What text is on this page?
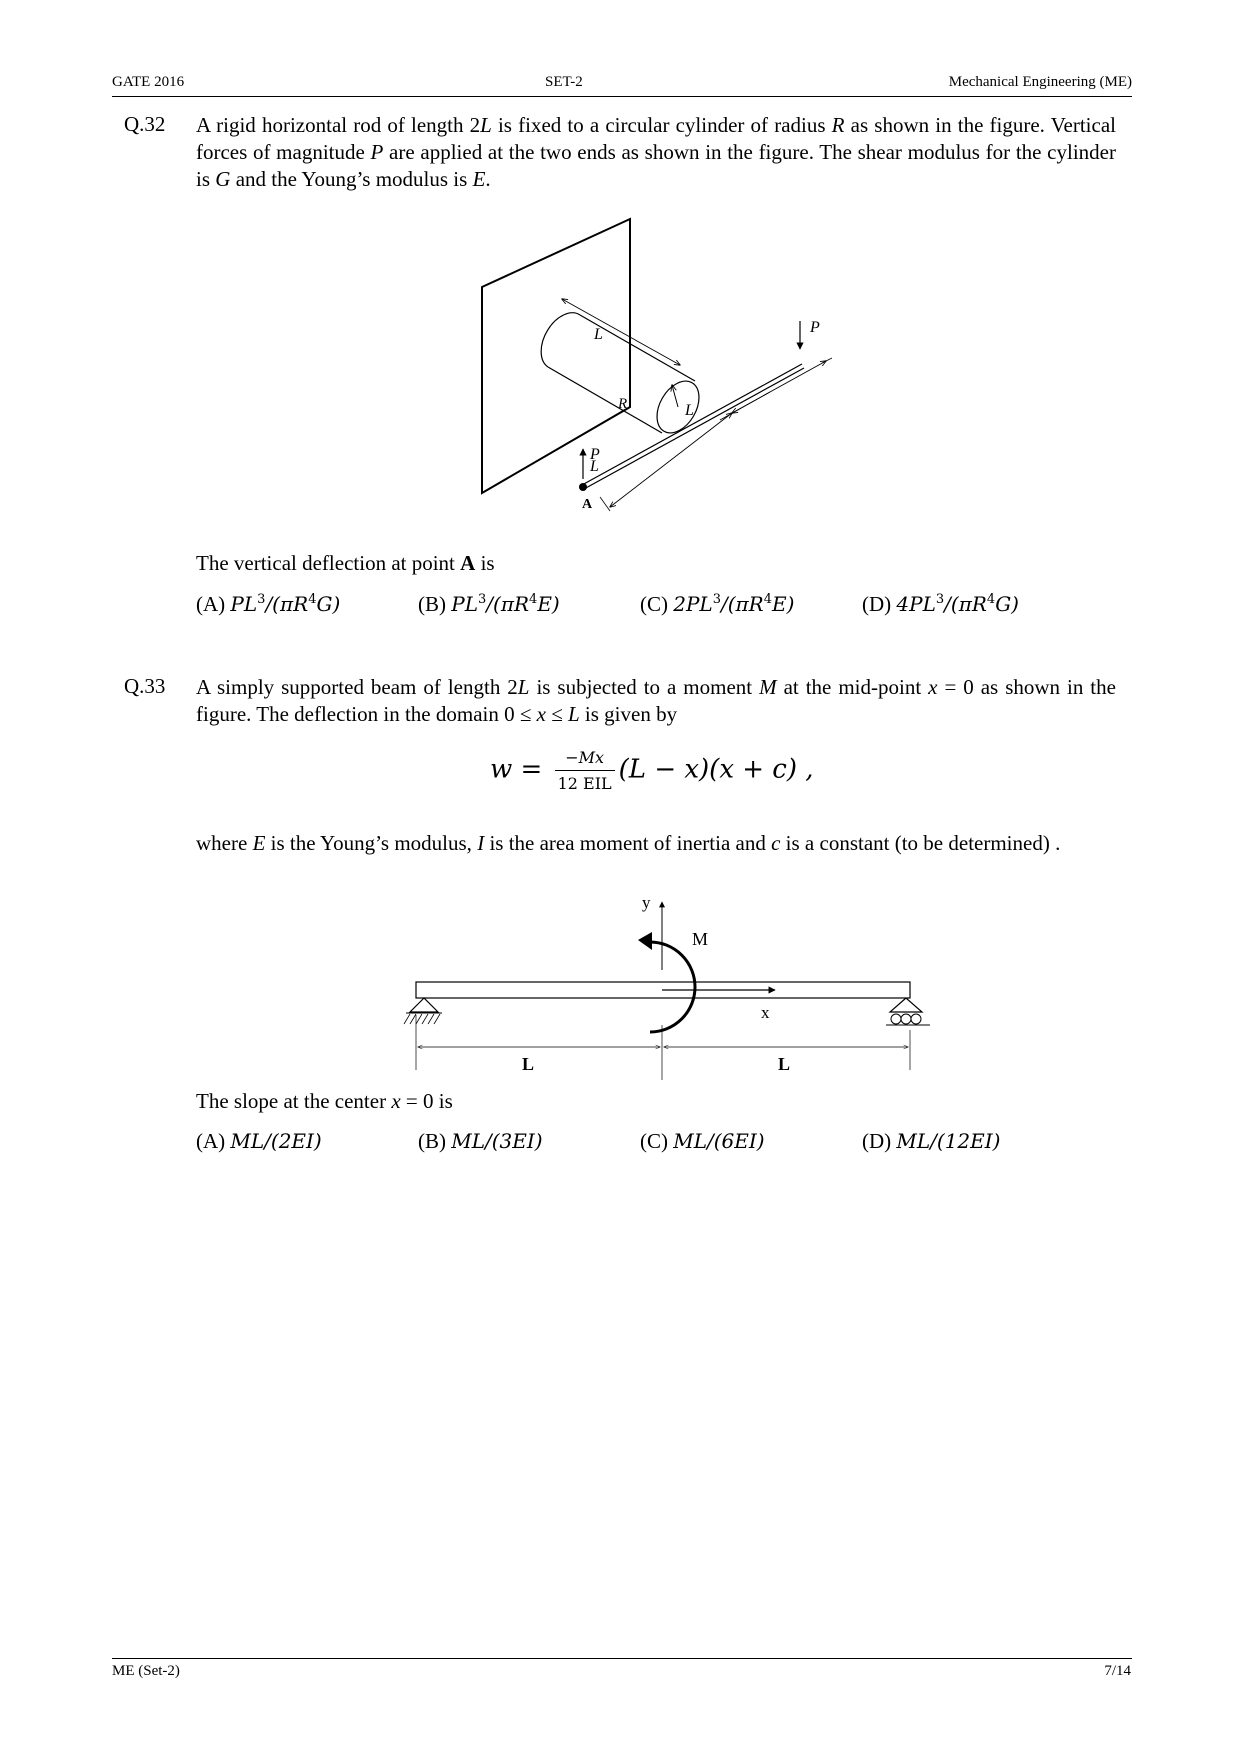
GATE 2016	SET-2	Mechanical Engineering (ME)
Q.32 A rigid horizontal rod of length 2L is fixed to a circular cylinder of radius R as shown in the figure. Vertical forces of magnitude P are applied at the two ends as shown in the figure. The shear modulus for the cylinder is G and the Young’s modulus is E.
L
R	L
L
P
P
A
The vertical deflection at point A is
(A) $PL^3/(\pi R^4G)$	(B) $PL^3/(\pi R^4E)$	(C) $2PL^3/(\pi R^4E)$	(D) $4PL^3/(\pi R^4G)$
Q.33 A simply supported beam of length 2L is subjected to a moment M at the mid-point x = 0 as shown in the figure. The deflection in the domain 0 ≤ x ≤ L is given by
$w = \frac{-Mx}{\text{12 EIL}} (L - x)(x + c)$ ,
where E is the Young’s modulus, I is the area moment of inertia and c is a constant (to be determined) .
y
M
x
L	L
The slope at the center x = 0 is
(A) ML/(2EI)	(B) ML/(3EI)	(C) ML/(6EI)	(D) ML/(12EI)
ME (Set-2)	7/14
